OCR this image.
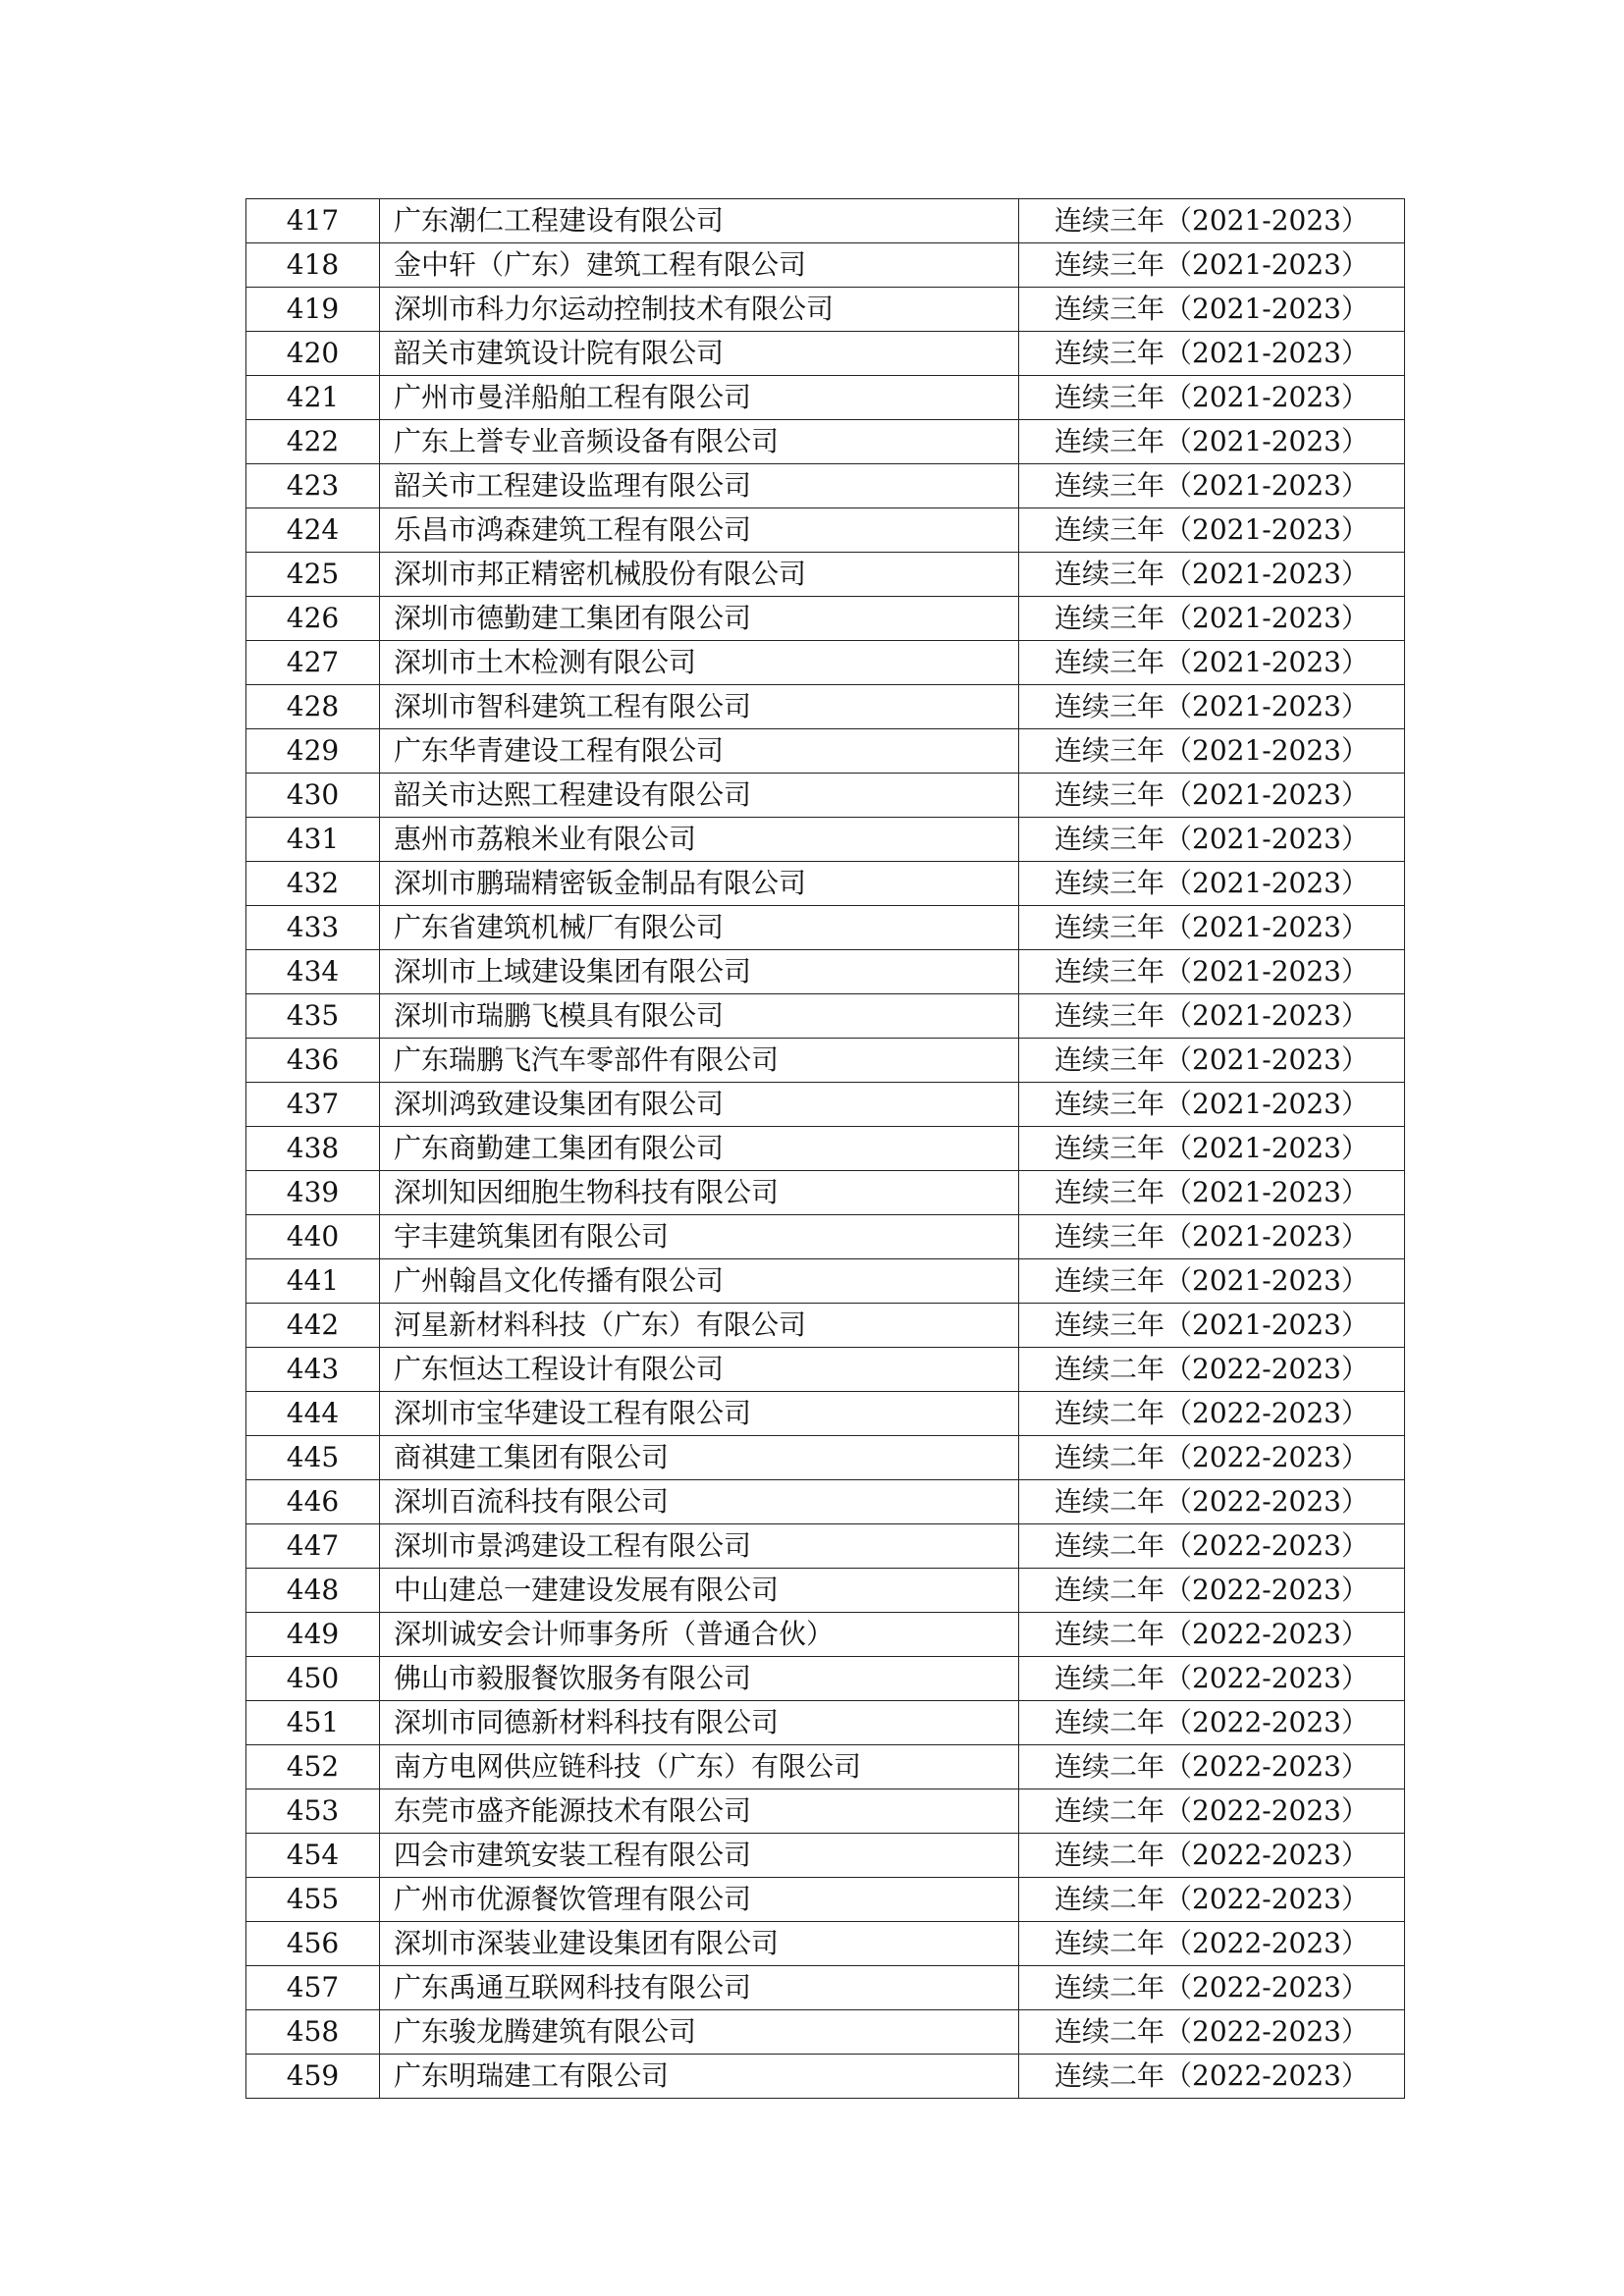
417	广东潮仁工程建设有限公司	连续三年（2021-2023）
418	金中轩（广东）建筑工程有限公司	连续三年（2021-2023）
419	深圳市科力尔运动控制技术有限公司	连续三年（2021-2023）
420	韶关市建筑设计院有限公司	连续三年（2021-2023）
421	广州市曼洋船舶工程有限公司	连续三年（2021-2023）
422	广东上誉专业音频设备有限公司	连续三年（2021-2023）
423	韶关市工程建设监理有限公司	连续三年（2021-2023）
424	乐昌市鸿森建筑工程有限公司	连续三年（2021-2023）
425	深圳市邦正精密机械股份有限公司	连续三年（2021-2023）
426	深圳市德勤建工集团有限公司	连续三年（2021-2023）
427	深圳市土木检测有限公司	连续三年（2021-2023）
428	深圳市智科建筑工程有限公司	连续三年（2021-2023）
429	广东华青建设工程有限公司	连续三年（2021-2023）
430	韶关市达熙工程建设有限公司	连续三年（2021-2023）
431	惠州市荔粮米业有限公司	连续三年（2021-2023）
432	深圳市鹏瑞精密钣金制品有限公司	连续三年（2021-2023）
433	广东省建筑机械厂有限公司	连续三年（2021-2023）
434	深圳市上域建设集团有限公司	连续三年（2021-2023）
435	深圳市瑞鹏飞模具有限公司	连续三年（2021-2023）
436	广东瑞鹏飞汽车零部件有限公司	连续三年（2021-2023）
437	深圳鸿致建设集团有限公司	连续三年（2021-2023）
438	广东商勤建工集团有限公司	连续三年（2021-2023）
439	深圳知因细胞生物科技有限公司	连续三年（2021-2023）
440	宇丰建筑集团有限公司	连续三年（2021-2023）
441	广州翰昌文化传播有限公司	连续三年（2021-2023）
442	河星新材料科技（广东）有限公司	连续三年（2021-2023）
443	广东恒达工程设计有限公司	连续二年（2022-2023）
444	深圳市宝华建设工程有限公司	连续二年（2022-2023）
445	商祺建工集团有限公司	连续二年（2022-2023）
446	深圳百流科技有限公司	连续二年（2022-2023）
447	深圳市景鸿建设工程有限公司	连续二年（2022-2023）
448	中山建总一建建设发展有限公司	连续二年（2022-2023）
449	深圳诚安会计师事务所（普通合伙）	连续二年（2022-2023）
450	佛山市毅服餐饮服务有限公司	连续二年（2022-2023）
451	深圳市同德新材料科技有限公司	连续二年（2022-2023）
452	南方电网供应链科技（广东）有限公司	连续二年（2022-2023）
453	东莞市盛齐能源技术有限公司	连续二年（2022-2023）
454	四会市建筑安装工程有限公司	连续二年（2022-2023）
455	广州市优源餐饮管理有限公司	连续二年（2022-2023）
456	深圳市深装业建设集团有限公司	连续二年（2022-2023）
457	广东禹通互联网科技有限公司	连续二年（2022-2023）
458	广东骏龙腾建筑有限公司	连续二年（2022-2023）
459	广东明瑞建工有限公司	连续二年（2022-2023）
